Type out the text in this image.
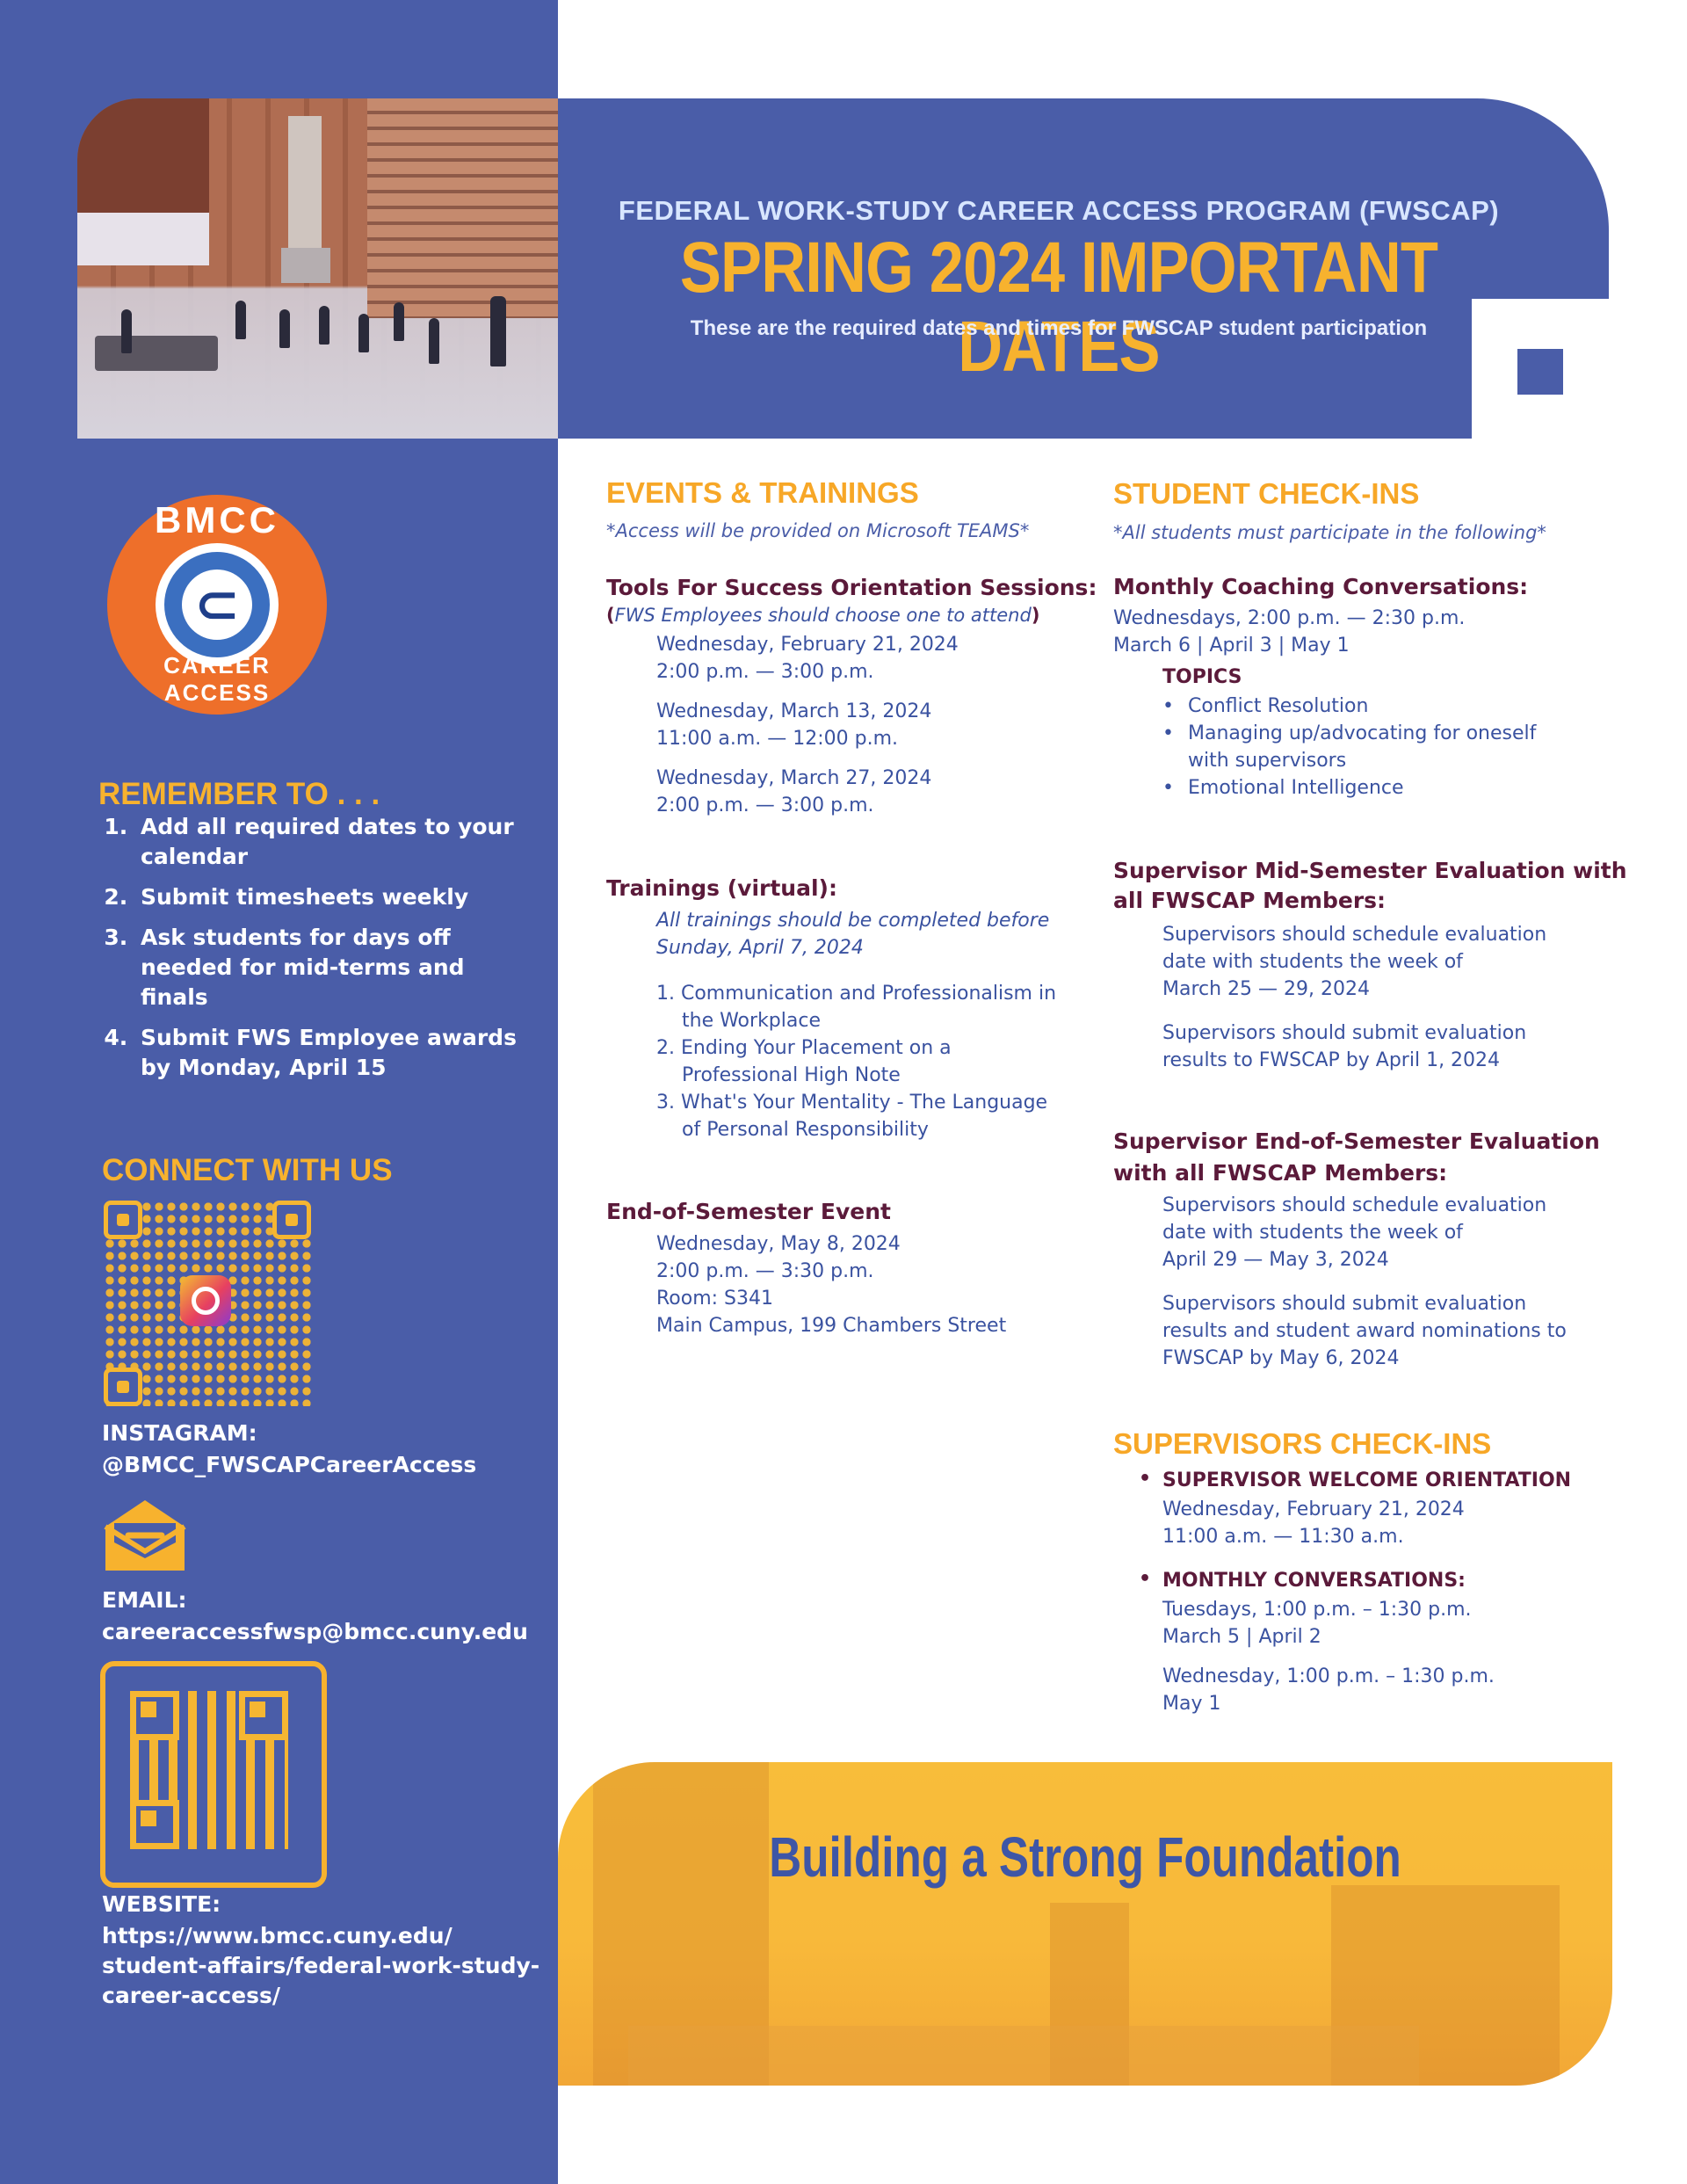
FEDERAL WORK-STUDY CAREER ACCESS PROGRAM (FWSCAP)
SPRING 2024 IMPORTANT DATES
These are the required dates and times for FWSCAP student participation
⊂
BMCC
CAREER ACCESS
REMEMBER TO . . .
1. Add all required dates to your calendar
2. Submit timesheets weekly
3. Ask students for days off needed for mid-terms and finals
4. Submit FWS Employee awards by Monday, April 15
CONNECT WITH US
INSTAGRAM:
@BMCC_FWSCAPCareerAccess
EMAIL:
careeraccessfwsp@bmcc.cuny.edu
WEBSITE:
https://www.bmcc.cuny.edu/
student-affairs/federal-work-study-
career-access/
EVENTS & TRAININGS
*Access will be provided on Microsoft TEAMS*
Tools For Success Orientation Sessions:
(FWS Employees should choose one to attend)
Wednesday, February 21, 2024
2:00 p.m. — 3:00 p.m.
Wednesday, March 13, 2024
11:00 a.m. — 12:00 p.m.
Wednesday, March 27, 2024
2:00 p.m. — 3:00 p.m.
Trainings (virtual):
All trainings should be completed before
Sunday, April 7, 2024
1. Communication and Professionalism in
the Workplace
2. Ending Your Placement on a
Professional High Note
3. What's Your Mentality - The Language
of Personal Responsibility
End-of-Semester Event
Wednesday, May 8, 2024
2:00 p.m. — 3:30 p.m.
Room: S341
Main Campus, 199 Chambers Street
STUDENT CHECK-INS
*All students must participate in the following*
Monthly Coaching Conversations:
Wednesdays, 2:00 p.m. — 2:30 p.m.
March 6 | April 3 | May 1
TOPICS
• Conflict Resolution
• Managing up/advocating for oneself
with supervisors
• Emotional Intelligence
Supervisor Mid-Semester Evaluation with
all FWSCAP Members:
Supervisors should schedule evaluation
date with students the week of
March 25 — 29, 2024
Supervisors should submit evaluation
results to FWSCAP by April 1, 2024
Supervisor End-of-Semester Evaluation
with all FWSCAP Members:
Supervisors should schedule evaluation
date with students the week of
April 29 — May 3, 2024
Supervisors should submit evaluation
results and student award nominations to
FWSCAP by May 6, 2024
SUPERVISORS CHECK-INS
• SUPERVISOR WELCOME ORIENTATION
Wednesday, February 21, 2024
11:00 a.m. — 11:30 a.m.
• MONTHLY CONVERSATIONS:
Tuesdays, 1:00 p.m. – 1:30 p.m.
March 5 | April 2
Wednesday, 1:00 p.m. – 1:30 p.m.
May 1
Building a Strong Foundation
